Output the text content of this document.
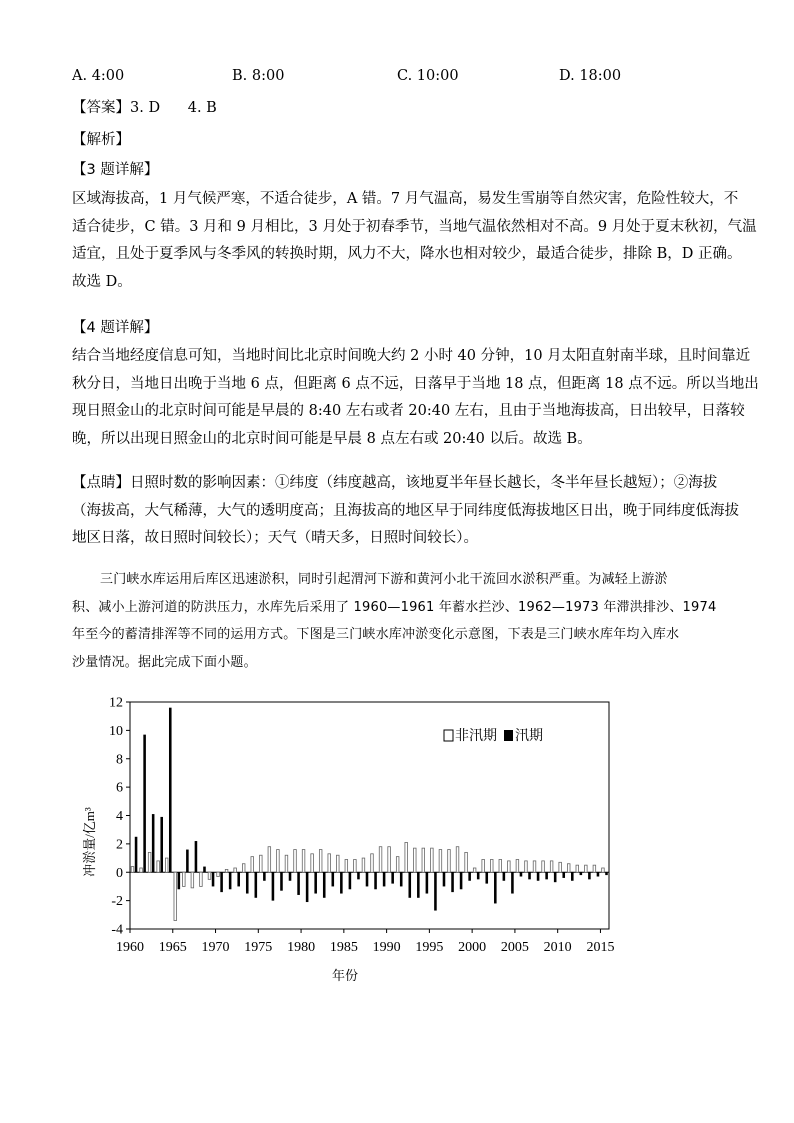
A. 4:00	B. 8:00	C. 10:00	D. 18:00
【答案】3. D      4. B
【解析】
【3 题详解】
区域海拔高，1 月气候严寒，不适合徒步，A 错。7 月气温高，易发生雪崩等自然灾害，危险性较大，不
适合徒步，C 错。3 月和 9 月相比，3 月处于初春季节，当地气温依然相对不高。9 月处于夏末秋初，气温
适宜，且处于夏季风与冬季风的转换时期，风力不大，降水也相对较少，最适合徒步，排除 B，D 正确。
故选 D。
【4 题详解】
结合当地经度信息可知，当地时间比北京时间晚大约 2 小时 40 分钟，10 月太阳直射南半球，且时间靠近
秋分日，当地日出晚于当地 6 点，但距离 6 点不远，日落早于当地 18 点，但距离 18 点不远。所以当地出
现日照金山的北京时间可能是早晨的 8:40 左右或者 20:40 左右，且由于当地海拔高，日出较早，日落较
晚，所以出现日照金山的北京时间可能是早晨 8 点左右或 20:40 以后。故选 B。
【点睛】日照时数的影响因素：①纬度（纬度越高，该地夏半年昼长越长，冬半年昼长越短）；②海拔
（海拔高，大气稀薄，大气的透明度高；且海拔高的地区早于同纬度低海拔地区日出，晚于同纬度低海拔
地区日落，故日照时间较长）；天气（晴天多，日照时间较长）。
三门峡水库运用后库区迅速淤积，同时引起渭河下游和黄河小北干流回水淤积严重。为减轻上游淤
积、减小上游河道的防洪压力，水库先后采用了 1960—1961 年蓄水拦沙、1962—1973 年滞洪排沙、1974
年至今的蓄清排浑等不同的运用方式。下图是三门峡水库冲淤变化示意图，下表是三门峡水库年均入库水
沙量情况。据此完成下面小题。
-4
-2
0
2
4
6
8
10
12
1960 1965 1970 1975 1980 1985 1990 1995 2000 2005 2010 2015
冲淤量/亿m³
年份
非汛期 汛期
